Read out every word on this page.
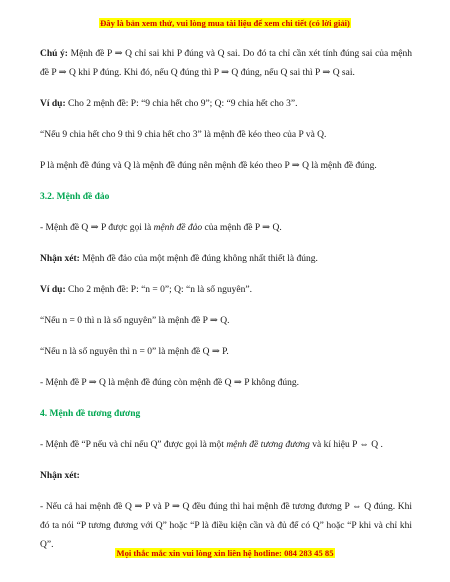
Đây là bản xem thử, vui lòng mua tài liệu để xem chi tiết (có lời giải)

Chú ý: Mệnh đề P ⇒ Q chỉ sai khi P đúng và Q sai. Do đó ta chỉ cần xét tính đúng sai của mệnh đề P ⇒ Q khi P đúng. Khi đó, nếu Q đúng thì P ⇒ Q đúng, nếu Q sai thì P ⇒ Q sai.

Ví dụ: Cho 2 mệnh đề: P: “9 chia hết cho 9”; Q: “9 chia hết cho 3”.

“Nếu 9 chia hết cho 9 thì 9 chia hết cho 3” là mệnh đề kéo theo của P và Q.

P là mệnh đề đúng và Q là mệnh đề đúng nên mệnh đề kéo theo P ⇒ Q là mệnh đề đúng.

3.2. Mệnh đề đảo

- Mệnh đề Q ⇒ P được gọi là mệnh đề đảo của mệnh đề P ⇒ Q.

Nhận xét: Mệnh đề đảo của một mệnh đề đúng không nhất thiết là đúng.

Ví dụ: Cho 2 mệnh đề: P: “n = 0”; Q: “n là số nguyên”.

“Nếu n = 0 thì n là số nguyên” là mệnh đề P ⇒ Q.

“Nếu n là số nguyên thì n = 0” là mệnh đề Q ⇒ P.

- Mệnh đề P ⇒ Q là mệnh đề đúng còn mệnh đề Q ⇒ P không đúng.

4. Mệnh đề tương đương

- Mệnh đề “P nếu và chỉ nếu Q” được gọi là một mệnh đề tương đương và kí hiệu P ⇔ Q .

Nhận xét:

- Nếu cả hai mệnh đề Q ⇒ P và P ⇒ Q đều đúng thì hai mệnh đề tương đương P ⇔ Q đúng. Khi đó ta nói “P tương đương với Q” hoặc “P là điều kiện cần và đủ để có Q” hoặc “P khi và chỉ khi Q”.

Mọi thắc mắc xin vui lòng xin liên hệ hotline: 084 283 45 85
